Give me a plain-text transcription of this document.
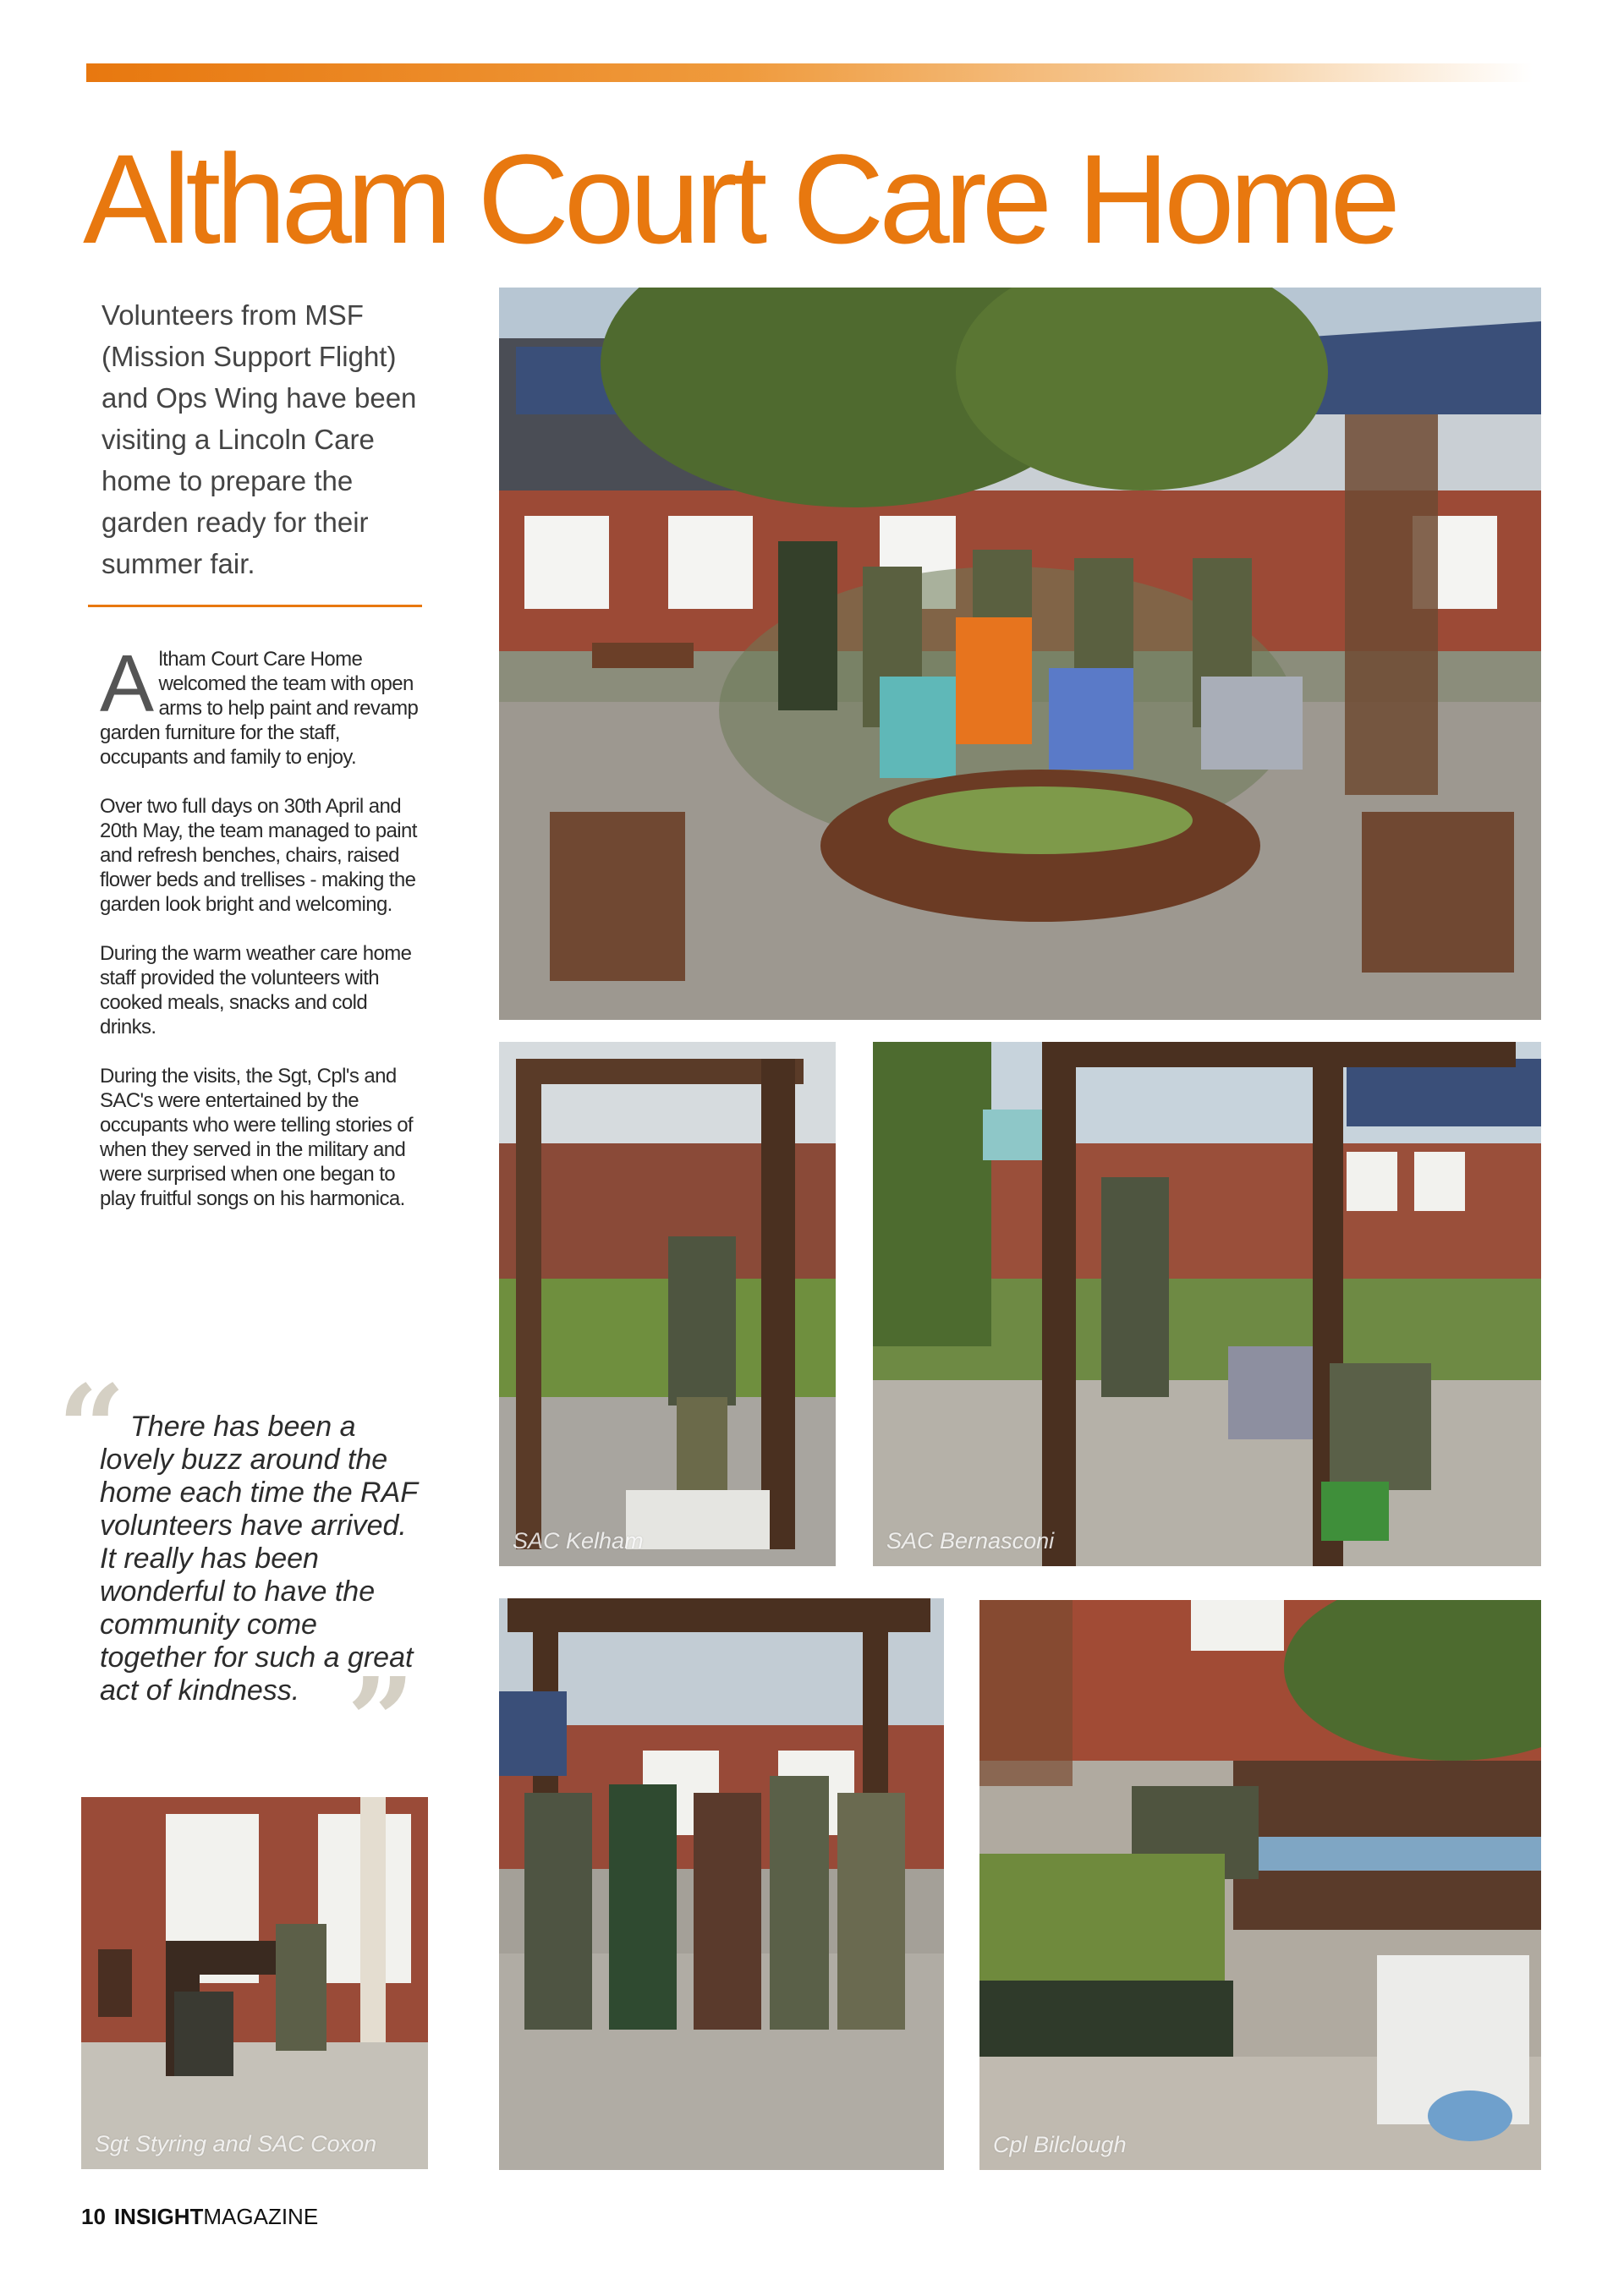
Altham Court Care Home

Volunteers from MSF (Mission Support Flight) and Ops Wing have been visiting a Lincoln Care home to prepare the garden ready for their summer fair.

Altham Court Care Home welcomed the team with open arms to help paint and revamp garden furniture for the staff, occupants and family to enjoy.

Over two full days on 30th April and 20th May, the team managed to paint and refresh benches, chairs, raised flower beds and trellises - making the garden look bright and welcoming.

During the warm weather care home staff provided the volunteers with cooked meals, snacks and cold drinks.

During the visits, the Sgt, Cpl's and SAC's were entertained by the occupants who were telling stories of when they served in the military and were surprised when one began to play fruitful songs on his harmonica.

“ There has been a lovely buzz around the home each time the RAF volunteers have arrived. It really has been wonderful to have the community come together for such a great act of kindness. ”
SAC Kelham	SAC Bernasconi
Sgt Styring and SAC Coxon	Cpl Bilclough
10 INSIGHTMAGAZINE
